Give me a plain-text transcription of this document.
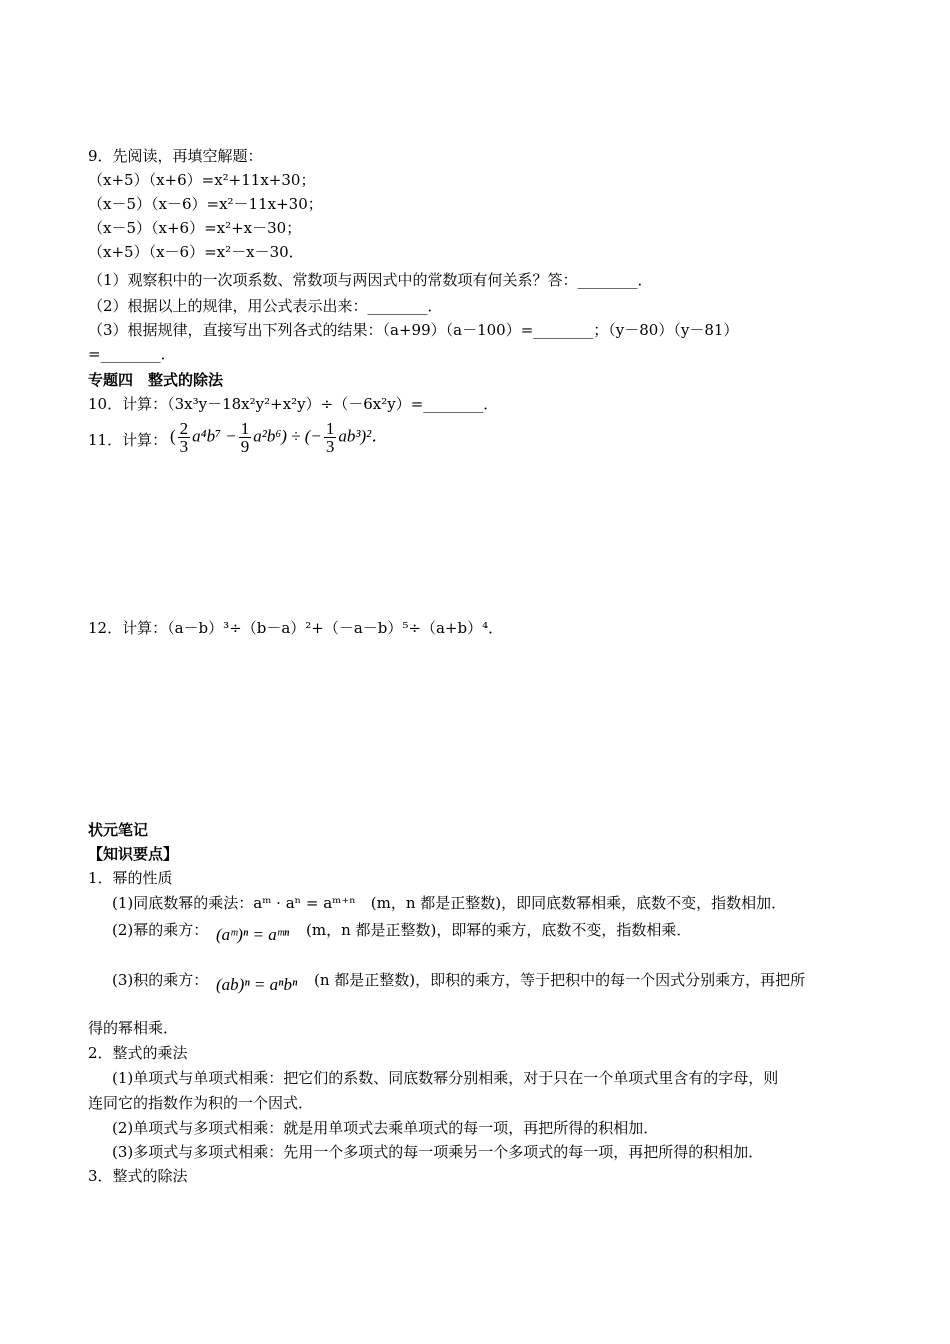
9．先阅读，再填空解题：
（x+5）（x+6）=x²+11x+30；
（x－5）（x－6）=x²－11x+30；
（x－5）（x+6）=x²+x－30；
（x+5）（x－6）=x²－x－30．
（1）观察积中的一次项系数、常数项与两因式中的常数项有何关系？答：________．
（2）根据以上的规律，用公式表示出来：________．
（3）根据规律，直接写出下列各式的结果：（a+99）（a－100）=________；（y－80）（y－81）
=________．
专题四　整式的除法
10．计算：（3x³y－18x²y²+x²y）÷（－6x²y）=________．
11．计算： ( $\frac{2}{3} a^4b^7 - \frac{1}{9} a^2b^6$) ÷ (− $\frac{1}{3} ab^3)^2$．
12．计算：（a－b）³÷（b－a）²+（－a－b）⁵÷（a+b）⁴．
状元笔记
【知识要点】
1．幂的性质
(1)同底数幂的乘法：aᵐ · aⁿ = aᵐ⁺ⁿ　(m，n 都是正整数)，即同底数幂相乘，底数不变，指数相加．
(2)幂的乘方： (aᵐ)ⁿ = aᵐⁿ (m，n 都是正整数)，即幂的乘方，底数不变，指数相乘．
(3)积的乘方： (ab)ⁿ = aⁿbⁿ (n 都是正整数)，即积的乘方，等于把积中的每一个因式分别乘方，再把所
得的幂相乘．
2．整式的乘法
(1)单项式与单项式相乘：把它们的系数、同底数幂分别相乘，对于只在一个单项式里含有的字母，则
连同它的指数作为积的一个因式．
(2)单项式与多项式相乘：就是用单项式去乘单项式的每一项，再把所得的积相加．
(3)多项式与多项式相乘：先用一个多项式的每一项乘另一个多项式的每一项，再把所得的积相加．
3．整式的除法
